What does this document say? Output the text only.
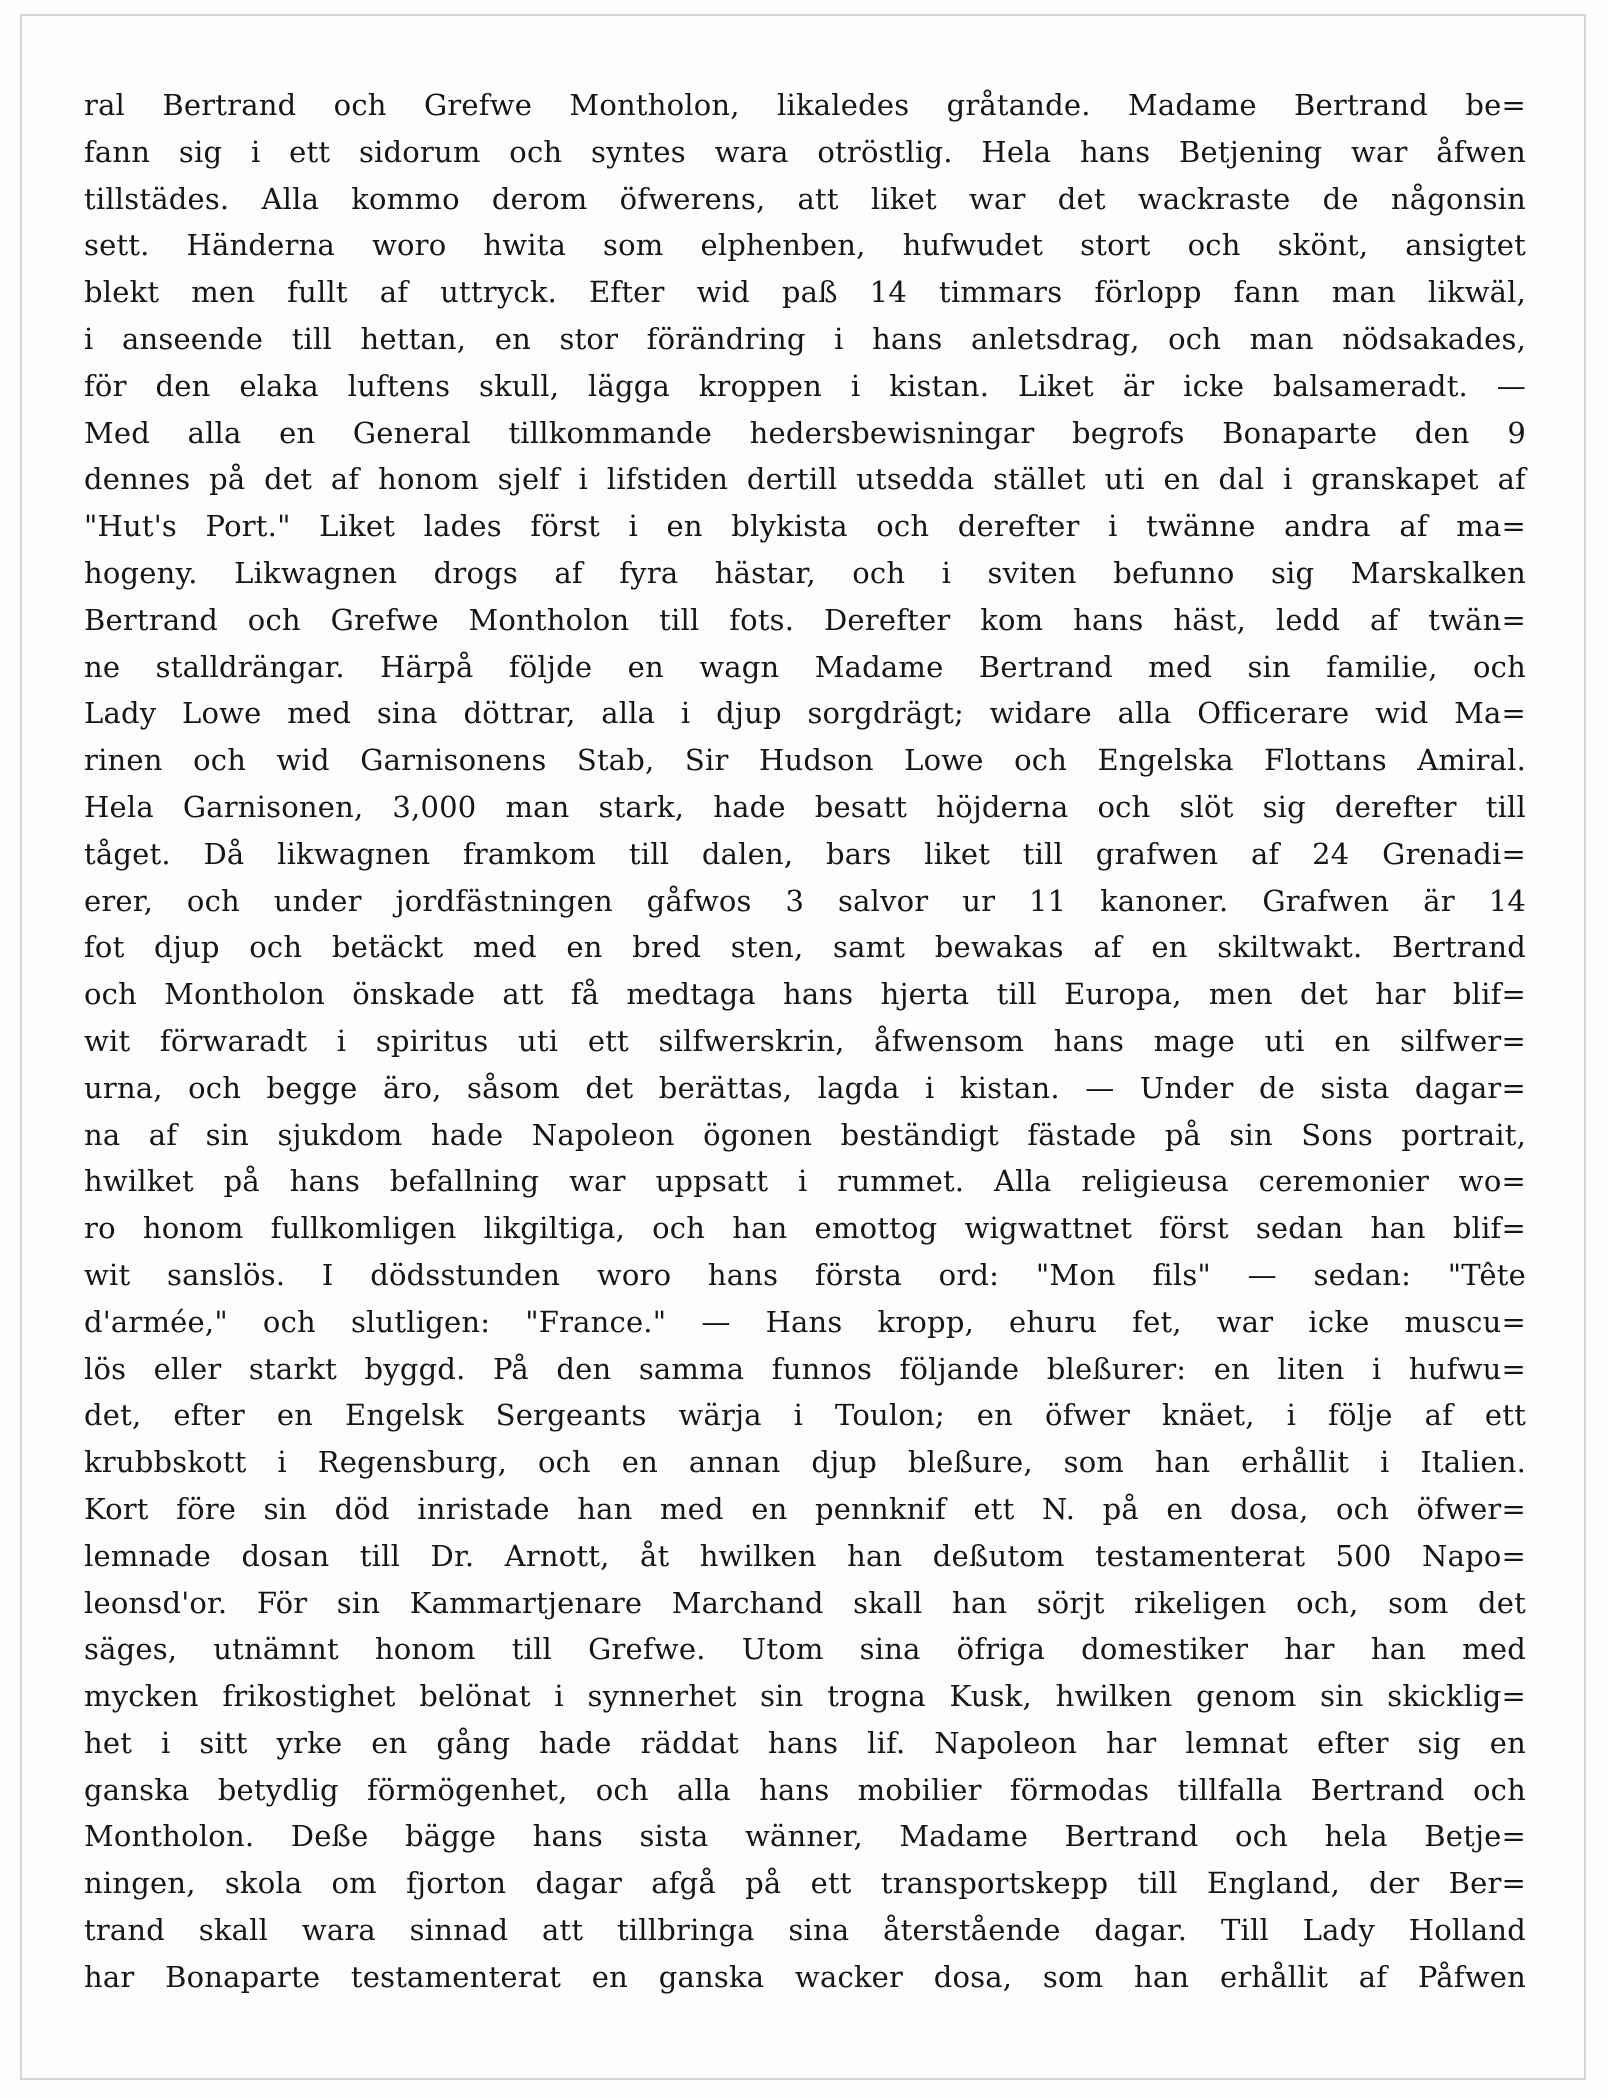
ral Bertrand och Grefwe Montholon, likaledes gråtande. Madame Bertrand be=
fann sig i ett sidorum och syntes wara otröstlig. Hela hans Betjening war åfwen
tillstädes. Alla kommo derom öfwerens, att liket war det wackraste de någonsin
sett. Händerna woro hwita som elphenben, hufwudet stort och skönt, ansigtet
blekt men fullt af uttryck. Efter wid paß 14 timmars förlopp fann man likwäl,
i anseende till hettan, en stor förändring i hans anletsdrag, och man nödsakades,
för den elaka luftens skull, lägga kroppen i kistan. Liket är icke balsameradt. —
Med alla en General tillkommande hedersbewisningar begrofs Bonaparte den 9
dennes på det af honom sjelf i lifstiden dertill utsedda stället uti en dal i granskapet af
"Hut's Port." Liket lades först i en blykista och derefter i twänne andra af ma=
hogeny. Likwagnen drogs af fyra hästar, och i sviten befunno sig Marskalken
Bertrand och Grefwe Montholon till fots. Derefter kom hans häst, ledd af twän=
ne stalldrängar. Härpå följde en wagn Madame Bertrand med sin familie, och
Lady Lowe med sina döttrar, alla i djup sorgdrägt; widare alla Officerare wid Ma=
rinen och wid Garnisonens Stab, Sir Hudson Lowe och Engelska Flottans Amiral.
Hela Garnisonen, 3,000 man stark, hade besatt höjderna och slöt sig derefter till
tåget. Då likwagnen framkom till dalen, bars liket till grafwen af 24 Grenadi=
erer, och under jordfästningen gåfwos 3 salvor ur 11 kanoner. Grafwen är 14
fot djup och betäckt med en bred sten, samt bewakas af en skiltwakt. Bertrand
och Montholon önskade att få medtaga hans hjerta till Europa, men det har blif=
wit förwaradt i spiritus uti ett silfwerskrin, åfwensom hans mage uti en silfwer=
urna, och begge äro, såsom det berättas, lagda i kistan. — Under de sista dagar=
na af sin sjukdom hade Napoleon ögonen beständigt fästade på sin Sons portrait,
hwilket på hans befallning war uppsatt i rummet. Alla religieusa ceremonier wo=
ro honom fullkomligen likgiltiga, och han emottog wigwattnet först sedan han blif=
wit sanslös. I dödsstunden woro hans första ord: "Mon fils" — sedan: "Tête
d'armée," och slutligen: "France." — Hans kropp, ehuru fet, war icke muscu=
lös eller starkt byggd. På den samma funnos följande bleßurer: en liten i hufwu=
det, efter en Engelsk Sergeants wärja i Toulon; en öfwer knäet, i följe af ett
krubbskott i Regensburg, och en annan djup bleßure, som han erhållit i Italien.
Kort före sin död inristade han med en pennknif ett N. på en dosa, och öfwer=
lemnade dosan till Dr. Arnott, åt hwilken han deßutom testamenterat 500 Napo=
leonsd'or. För sin Kammartjenare Marchand skall han sörjt rikeligen och, som det
säges, utnämnt honom till Grefwe. Utom sina öfriga domestiker har han med
mycken frikostighet belönat i synnerhet sin trogna Kusk, hwilken genom sin skicklig=
het i sitt yrke en gång hade räddat hans lif. Napoleon har lemnat efter sig en
ganska betydlig förmögenhet, och alla hans mobilier förmodas tillfalla Bertrand och
Montholon. Deße bägge hans sista wänner, Madame Bertrand och hela Betje=
ningen, skola om fjorton dagar afgå på ett transportskepp till England, der Ber=
trand skall wara sinnad att tillbringa sina återstående dagar. Till Lady Holland
har Bonaparte testamenterat en ganska wacker dosa, som han erhållit af Påfwen
